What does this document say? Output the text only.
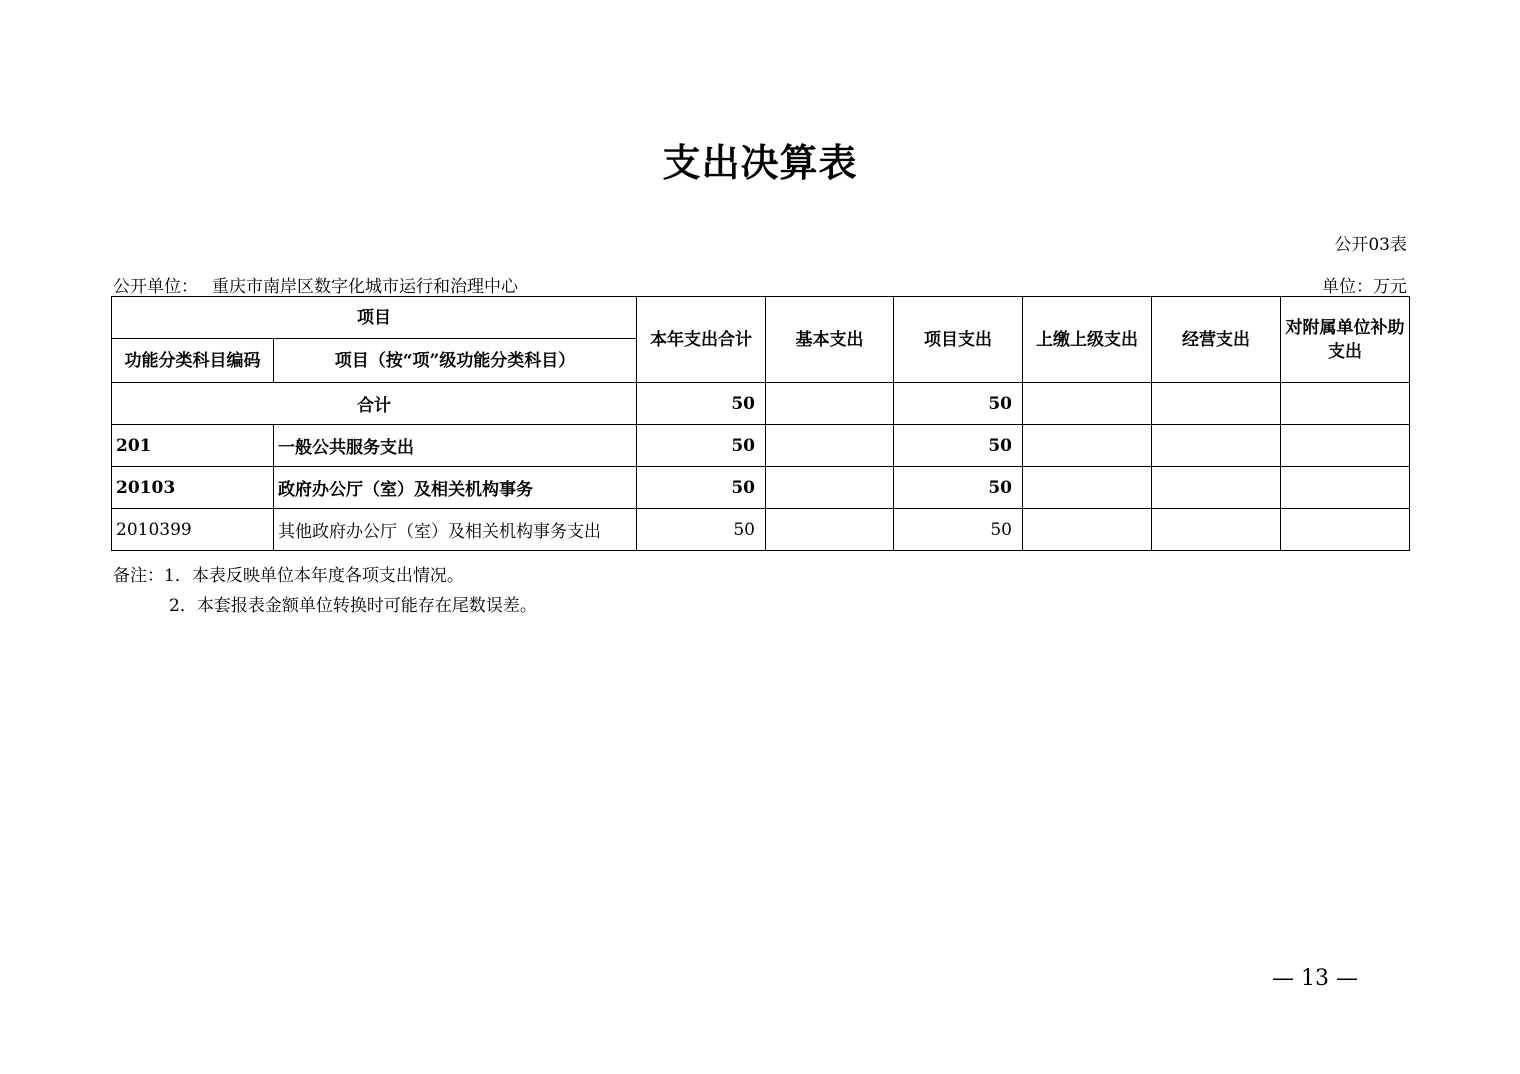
支出决算表
公开03表
公开单位： 重庆市南岸区数字化城市运行和治理中心	单位：万元
项目		本年支出合计	基本支出	项目支出	上缴上级支出	经营支出	对附属单位补助支出
功能分类科目编码	项目（按“项”级功能分类科目）						
合计		50		50			
201	一般公共服务支出	50		50			
20103	政府办公厅（室）及相关机构事务	50		50			
2010399	其他政府办公厅（室）及相关机构事务支出	50		50			
备注：1．本表反映单位本年度各项支出情况。
2．本套报表金额单位转换时可能存在尾数误差。
— 13 —
